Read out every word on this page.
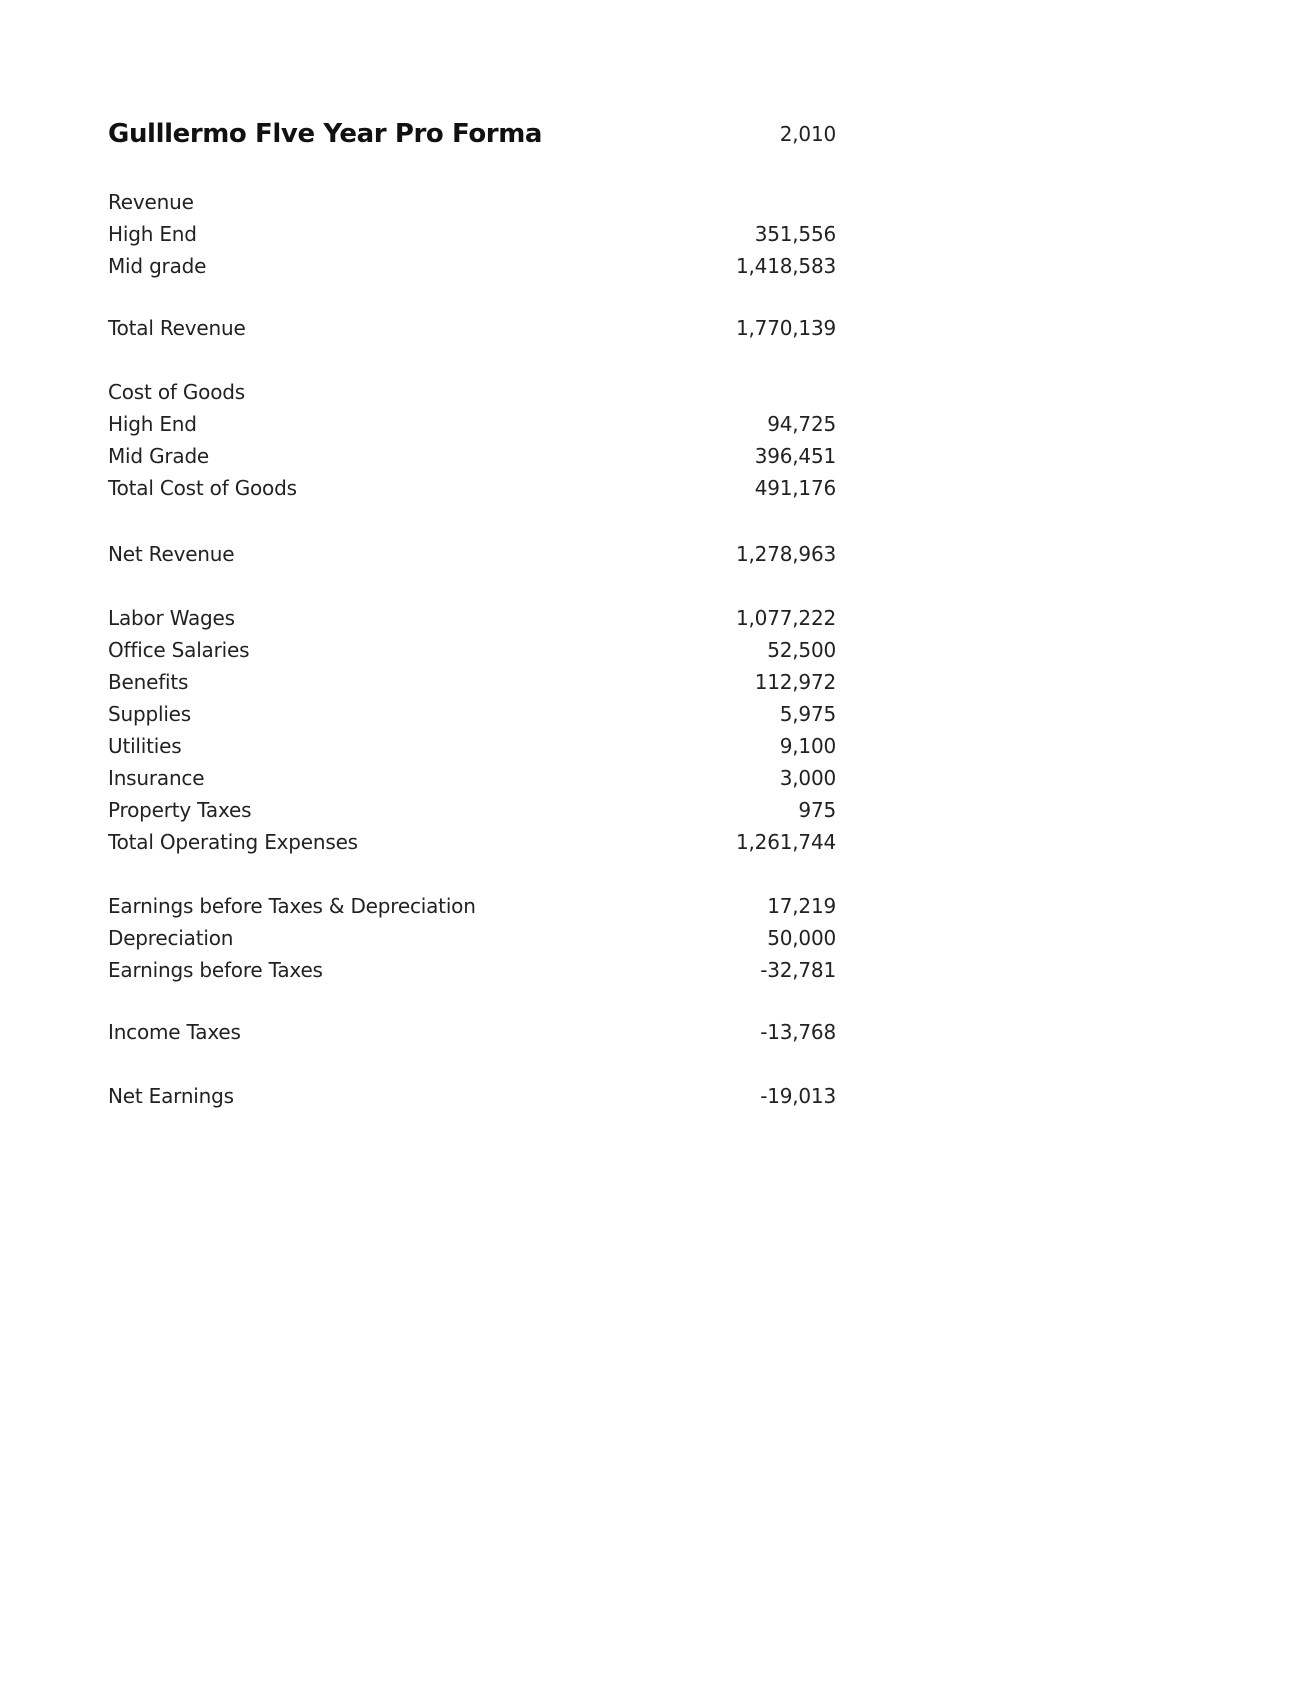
Gulllermo Flve Year Pro Forma	2,010
Revenue
High End	351,556
Mid grade	1,418,583
Total Revenue	1,770,139
Cost of Goods
High End	94,725
Mid Grade	396,451
Total Cost of Goods	491,176
Net Revenue	1,278,963
Labor Wages	1,077,222
Office Salaries	52,500
Benefits	112,972
Supplies	5,975
Utilities	9,100
Insurance	3,000
Property Taxes	975
Total Operating Expenses	1,261,744
Earnings before Taxes & Depreciation	17,219
Depreciation	50,000
Earnings before Taxes	-32,781
Income Taxes	-13,768
Net Earnings	-19,013
